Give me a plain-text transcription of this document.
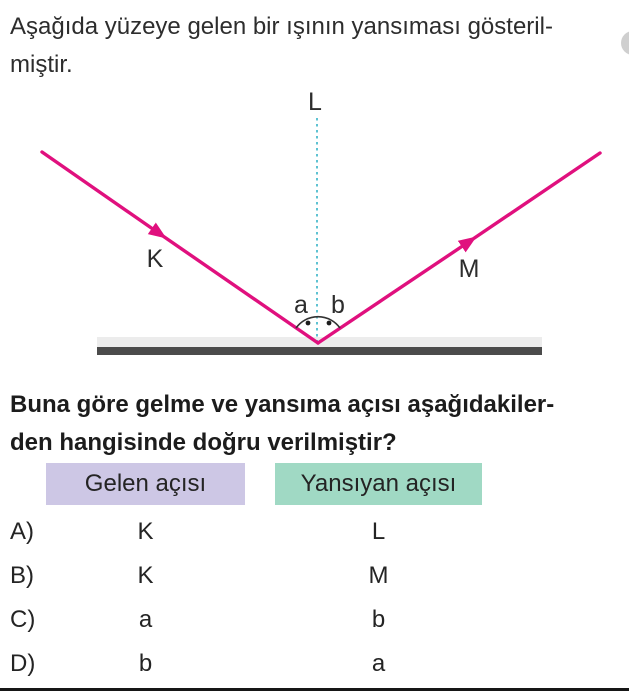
Aşağıda yüzeye gelen bir ışının yansıması gösteril-
miştir.
L
K	M
a b
Buna göre gelme ve yansıma açısı aşağıdakiler-
den hangisinde doğru verilmiştir?
Gelen açısı	Yansıyan açısı
A)	K	L
B)	K	M
C)	a	b
D)	b	a
